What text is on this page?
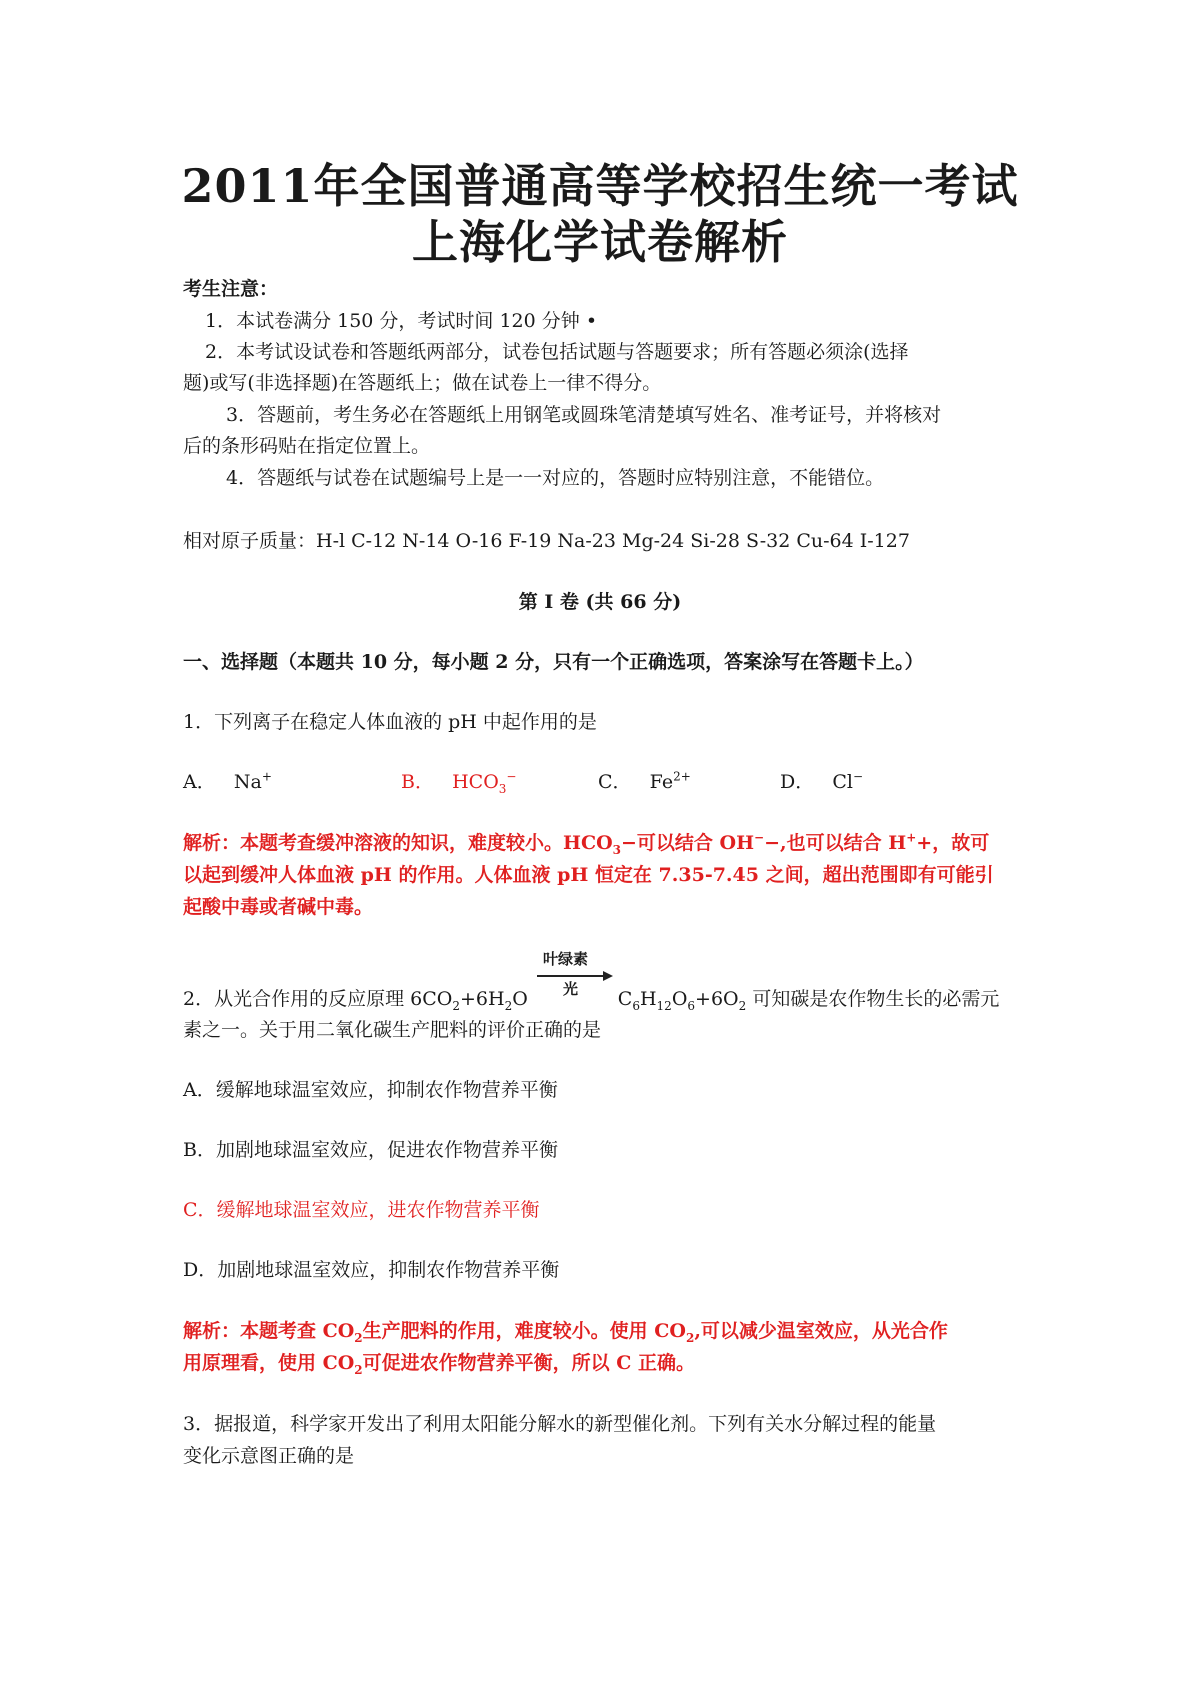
2011年全国普通高等学校招生统一考试
上海化学试卷解析
考生注意：
1．本试卷满分 150 分，考试时间 120 分钟 •
2．本考试设试卷和答题纸两部分，试卷包括试题与答题要求；所有答题必须涂(选择
题)或写(非选择题)在答题纸上；做在试卷上一律不得分。
3．答题前，考生务必在答题纸上用钢笔或圆珠笔清楚填写姓名、准考证号，并将核对
后的条形码贴在指定位置上。
4．答题纸与试卷在试题编号上是一一对应的，答题时应特别注意，不能错位。
相对原子质量：H-l C-12 N-14 O-16 F-19 Na-23 Mg-24 Si-28 S-32 Cu-64 I-127
第 I 卷 (共 66 分)
一、选择题（本题共 10 分，每小题 2 分，只有一个正确选项，答案涂写在答题卡上。）
1．下列离子在稳定人体血液的 pH 中起作用的是
A． Na+	B． $HCO_3^-$	C． $Fe^{2+}$	D． Cl−
解析：本题考查缓冲溶液的知识，难度较小。$HCO_3-$可以结合 OH−−,也可以结合 H++，故可
以起到缓冲人体血液 pH 的作用。人体血液 pH 恒定在 7.35-7.45 之间，超出范围即有可能引
起酸中毒或者碱中毒。
叶绿素
光
2．从光合作用的反应原理 $6CO_2+6H_2O$	$C_6H_{12}O_6+6O_2$ 可知碳是农作物生长的必需元
素之一。关于用二氧化碳生产肥料的评价正确的是
A．缓解地球温室效应，抑制农作物营养平衡
B．加剧地球温室效应，促进农作物营养平衡
C．缓解地球温室效应，进农作物营养平衡
D．加剧地球温室效应，抑制农作物营养平衡
解析：本题考查 $CO_2$生产肥料的作用，难度较小。使用 $CO_2$,可以减少温室效应，从光合作
用原理看，使用 $CO_2$可促进农作物营养平衡，所以 C 正确。
3．据报道，科学家开发出了利用太阳能分解水的新型催化剂。下列有关水分解过程的能量
变化示意图正确的是
